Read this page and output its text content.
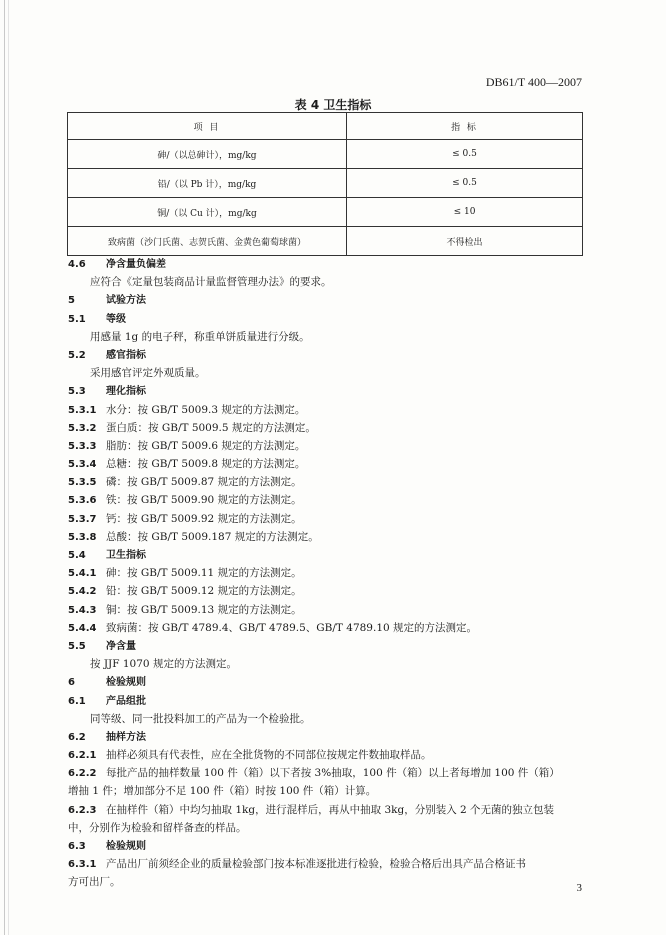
DB61/T 400—2007
表 4 卫生指标
项 目	指 标
砷/（以总砷计），mg/kg	≤ 0.5
铅/（以 Pb 计），mg/kg	≤ 0.5
铜/（以 Cu 计），mg/kg	≤ 10
致病菌（沙门氏菌、志贺氏菌、金黄色葡萄球菌）	不得检出
4.6 净含量负偏差
应符合《定量包装商品计量监督管理办法》的要求。
5	试验方法
5.1 等级
用感量 1g 的电子秤，称重单饼质量进行分级。
5.2 感官指标
采用感官评定外观质量。
5.3 理化指标
5.3.1 水分：按 GB/T 5009.3 规定的方法测定。
5.3.2 蛋白质：按 GB/T 5009.5 规定的方法测定。
5.3.3 脂肪：按 GB/T 5009.6 规定的方法测定。
5.3.4 总糖：按 GB/T 5009.8 规定的方法测定。
5.3.5 磷：按 GB/T 5009.87 规定的方法测定。
5.3.6 铁：按 GB/T 5009.90 规定的方法测定。
5.3.7 钙：按 GB/T 5009.92 规定的方法测定。
5.3.8 总酸：按 GB/T 5009.187 规定的方法测定。
5.4 卫生指标
5.4.1 砷：按 GB/T 5009.11 规定的方法测定。
5.4.2 铅：按 GB/T 5009.12 规定的方法测定。
5.4.3 铜：按 GB/T 5009.13 规定的方法测定。
5.4.4 致病菌：按 GB/T 4789.4、GB/T 4789.5、GB/T 4789.10 规定的方法测定。
5.5 净含量
按 JJF 1070 规定的方法测定。
6	检验规则
6.1 产品组批
同等级、同一批投料加工的产品为一个检验批。
6.2 抽样方法
6.2.1 抽样必须具有代表性，应在全批货物的不同部位按规定件数抽取样品。
6.2.2 每批产品的抽样数量 100 件（箱）以下者按 3%抽取，100 件（箱）以上者每增加 100 件（箱）
增抽 1 件；增加部分不足 100 件（箱）时按 100 件（箱）计算。
6.2.3 在抽样件（箱）中均匀抽取 1kg，进行混样后，再从中抽取 3kg，分别装入 2 个无菌的独立包装
中，分别作为检验和留样备查的样品。
6.3 检验规则
6.3.1 产品出厂前须经企业的质量检验部门按本标准逐批进行检验，检验合格后出具产品合格证书
方可出厂。	3
